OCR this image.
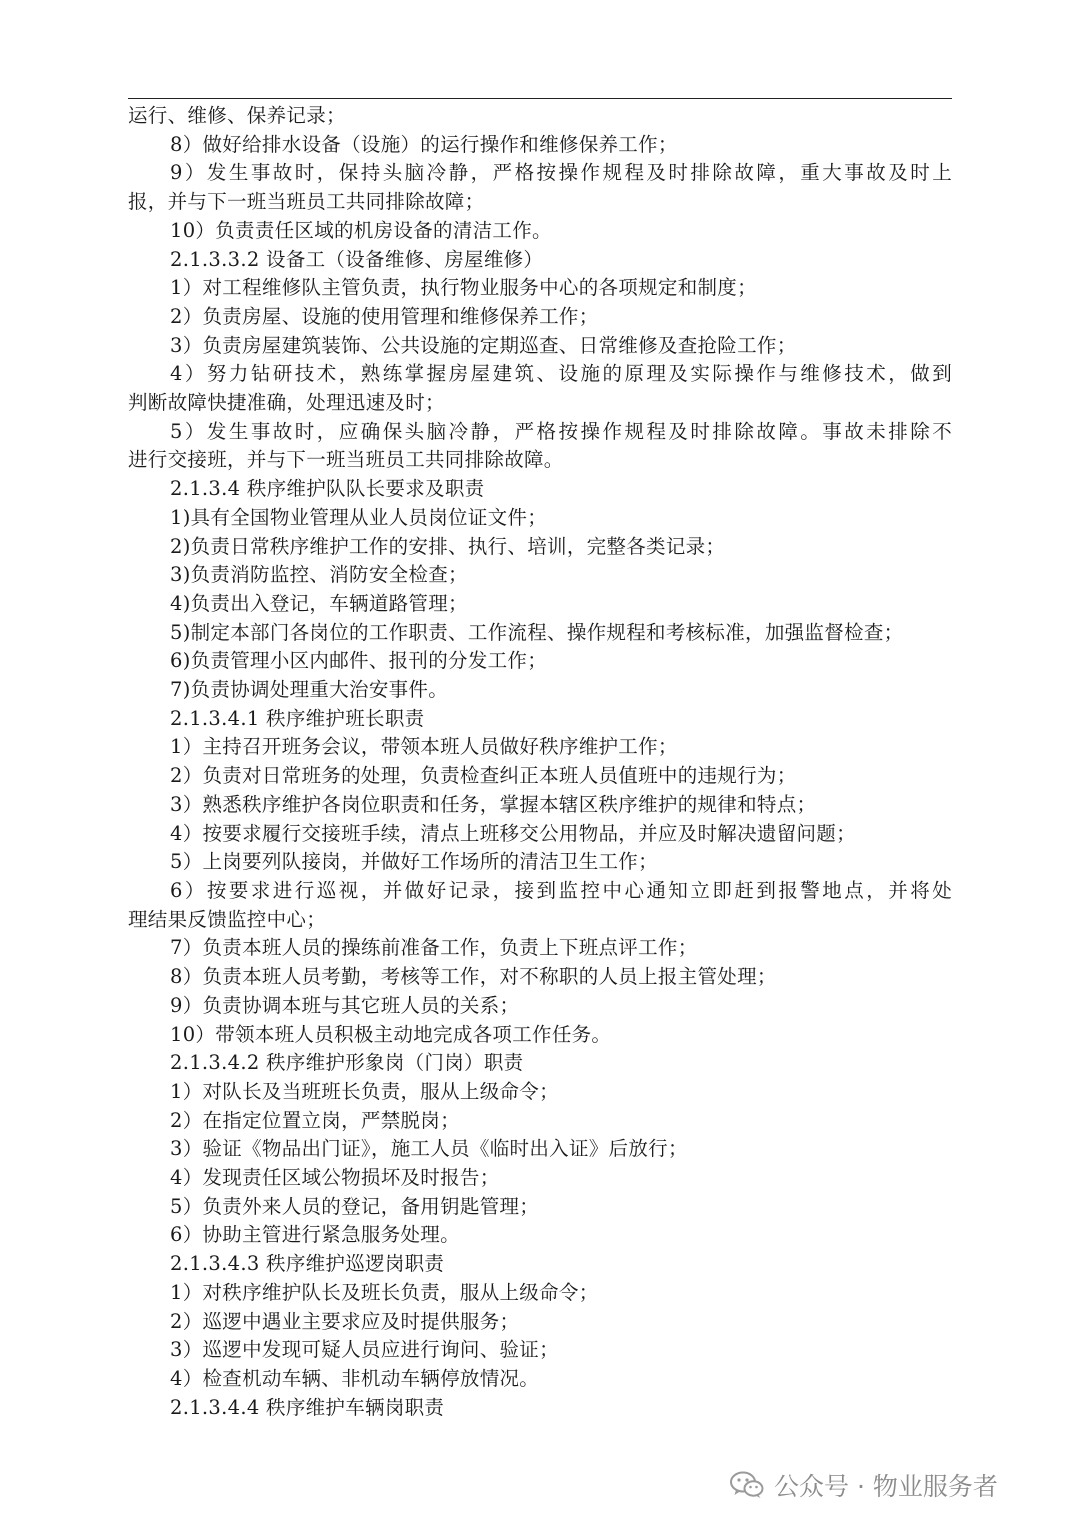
运行、维修、保养记录；

8）做好给排水设备（设施）的运行操作和维修保养工作；

9）发生事故时，保持头脑冷静，严格按操作规程及时排除故障，重大事故及时上

报，并与下一班当班员工共同排除故障；

10）负责责任区域的机房设备的清洁工作。

2.1.3.3.2 设备工（设备维修、房屋维修）

1）对工程维修队主管负责，执行物业服务中心的各项规定和制度；

2）负责房屋、设施的使用管理和维修保养工作；

3）负责房屋建筑装饰、公共设施的定期巡查、日常维修及查抢险工作；

4）努力钻研技术，熟练掌握房屋建筑、设施的原理及实际操作与维修技术，做到

判断故障快捷准确，处理迅速及时；

5）发生事故时，应确保头脑冷静，严格按操作规程及时排除故障。事故未排除不

进行交接班，并与下一班当班员工共同排除故障。

2.1.3.4 秩序维护队队长要求及职责

1)具有全国物业管理从业人员岗位证文件；

2)负责日常秩序维护工作的安排、执行、培训，完整各类记录；

3)负责消防监控、消防安全检查；

4)负责出入登记，车辆道路管理；

5)制定本部门各岗位的工作职责、工作流程、操作规程和考核标准，加强监督检查；

6)负责管理小区内邮件、报刊的分发工作；

7)负责协调处理重大治安事件。

2.1.3.4.1 秩序维护班长职责

1）主持召开班务会议，带领本班人员做好秩序维护工作；

2）负责对日常班务的处理，负责检查纠正本班人员值班中的违规行为；

3）熟悉秩序维护各岗位职责和任务，掌握本辖区秩序维护的规律和特点；

4）按要求履行交接班手续，清点上班移交公用物品，并应及时解决遗留问题；

5）上岗要列队接岗，并做好工作场所的清洁卫生工作；

6）按要求进行巡视，并做好记录，接到监控中心通知立即赶到报警地点，并将处

理结果反馈监控中心；

7）负责本班人员的操练前准备工作，负责上下班点评工作；

8）负责本班人员考勤，考核等工作，对不称职的人员上报主管处理；

9）负责协调本班与其它班人员的关系；

10）带领本班人员积极主动地完成各项工作任务。

2.1.3.4.2 秩序维护形象岗（门岗）职责

1）对队长及当班班长负责，服从上级命令；

2）在指定位置立岗，严禁脱岗；

3）验证《物品出门证》，施工人员《临时出入证》后放行；

4）发现责任区域公物损坏及时报告；

5）负责外来人员的登记，备用钥匙管理；

6）协助主管进行紧急服务处理。

2.1.3.4.3 秩序维护巡逻岗职责

1）对秩序维护队长及班长负责，服从上级命令；

2）巡逻中遇业主要求应及时提供服务；

3）巡逻中发现可疑人员应进行询问、验证；

4）检查机动车辆、非机动车辆停放情况。

2.1.3.4.4 秩序维护车辆岗职责

公众号 · 物业服务者
